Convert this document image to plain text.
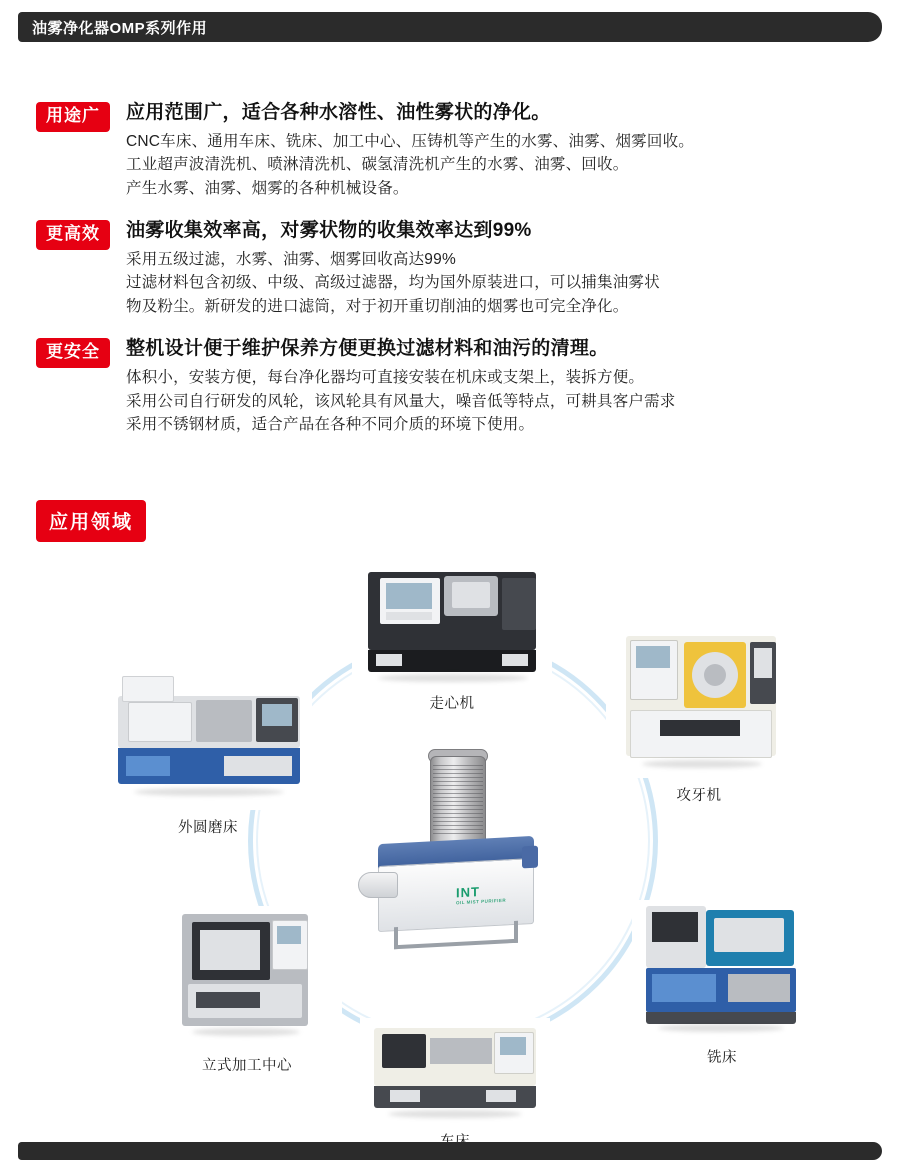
油雾净化器OMP系列作用
用途广	应用范围广，适合各种水溶性、油性雾状的净化。
CNC车床、通用车床、铣床、加工中心、压铸机等产生的水雾、油雾、烟雾回收。
工业超声波清洗机、喷淋清洗机、碳氢清洗机产生的水雾、油雾、回收。
产生水雾、油雾、烟雾的各种机械设备。
更高效	油雾收集效率高，对雾状物的收集效率达到99%
采用五级过滤，水雾、油雾、烟雾回收高达99%
过滤材料包含初级、中级、高级过滤器，均为国外原装进口，可以捕集油雾状
物及粉尘。新研发的进口滤筒，对于初开重切削油的烟雾也可完全净化。
更安全	整机设计便于维护保养方便更换过滤材料和油污的清理。
体积小，安装方便，每台净化器均可直接安装在机床或支架上，装拆方便。
采用公司自行研发的风轮，该风轮具有风量大，噪音低等特点，可耕具客户需求
采用不锈钢材质，适合产品在各种不同介质的环境下使用。
应用领域
INT
OIL MIST PURIFIER
走心机
攻牙机
铣床
立式加工中心
外圆磨床
